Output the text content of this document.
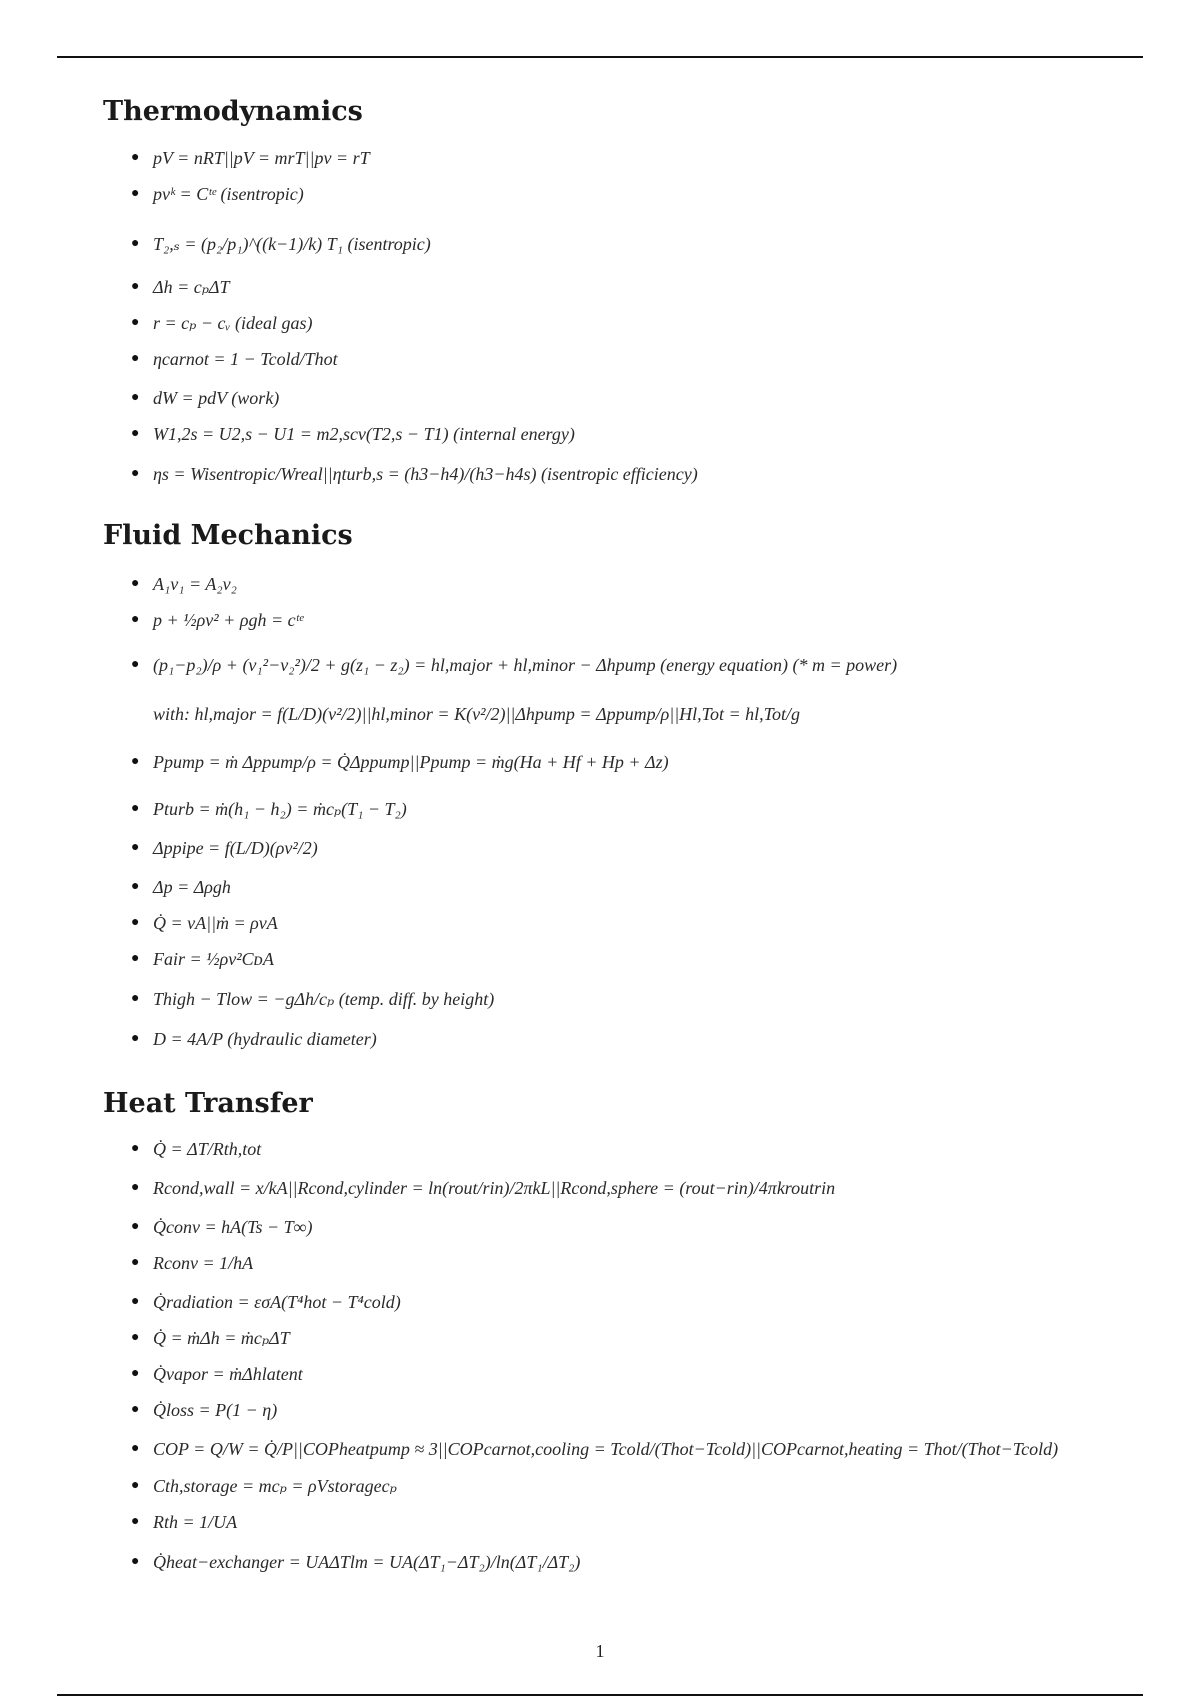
Thermodynamics
● pV = nRT||pV = mrT||pv = rT
● pvᵏ = Cᵗᵉ (isentropic)
● T₂,ₛ = (p₂/p₁)^((k−1)/k) T₁ (isentropic)
● Δh = cₚΔT
● r = cₚ − cᵥ (ideal gas)
● ηcarnot = 1 − Tcold/Thot
● dW = pdV (work)
● W1,2s = U2,s − U1 = m2,scv(T2,s − T1) (internal energy)
● ηs = Wisentropic/Wreal||ηturb,s = (h3−h4)/(h3−h4s) (isentropic efficiency)
Fluid Mechanics
● A₁v₁ = A₂v₂
● p + ½ρv² + ρgh = cᵗᵉ
● (p₁−p₂)/ρ + (v₁²−v₂²)/2 + g(z₁ − z₂) = hl,major + hl,minor − Δhpump (energy equation) (* m = power)
with: hl,major = f(L/D)(v²/2)||hl,minor = K(v²/2)||Δhpump = Δppump/ρ||Hl,Tot = hl,Tot/g
● Ppump = ṁ Δppump/ρ = Q̇Δppump||Ppump = ṁg(Ha + Hf + Hp + Δz)
● Pturb = ṁ(h₁ − h₂) = ṁcₚ(T₁ − T₂)
● Δppipe = f(L/D)(ρv²/2)
● Δp = Δρgh
● Q̇ = vA||ṁ = ρvA
● Fair = ½ρv²CᴅA
● Thigh − Tlow = −gΔh/cₚ (temp. diff. by height)
● D = 4A/P (hydraulic diameter)
Heat Transfer
● Q̇ = ΔT/Rth,tot
● Rcond,wall = x/kA||Rcond,cylinder = ln(rout/rin)/2πkL||Rcond,sphere = (rout−rin)/4πkroutrin
● Q̇conv = hA(Ts − T∞)
● Rconv = 1/hA
● Q̇radiation = εσA(T⁴hot − T⁴cold)
● Q̇ = ṁΔh = ṁcₚΔT
● Q̇vapor = ṁΔhlatent
● Q̇loss = P(1 − η)
● COP = Q/W = Q̇/P||COPheatpump ≈ 3||COPcarnot,cooling = Tcold/(Thot−Tcold)||COPcarnot,heating = Thot/(Thot−Tcold)
● Cth,storage = mcₚ = ρVstoragecₚ
● Rth = 1/UA
● Q̇heat−exchanger = UAΔTlm = UA(ΔT₁−ΔT₂)/ln(ΔT₁/ΔT₂)
1
